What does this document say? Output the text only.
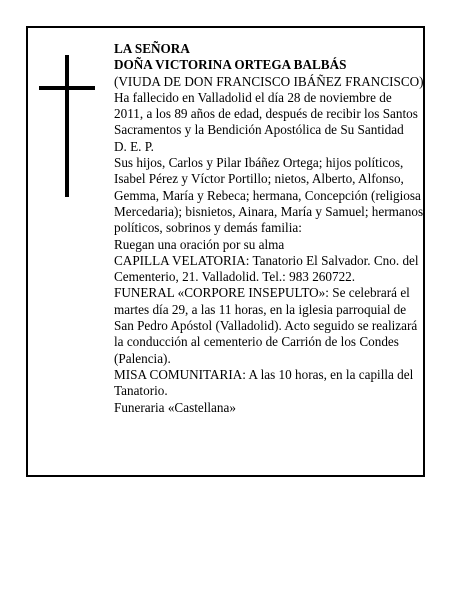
LA SEÑORA
DOÑA VICTORINA ORTEGA BALBÁS
(VIUDA DE DON FRANCISCO IBÁÑEZ FRANCISCO)
Ha fallecido en Valladolid el día 28 de noviembre de 2011, a los 89 años de edad, después de recibir los Santos Sacramentos y la Bendición Apostólica de Su Santidad
D. E. P.
Sus hijos, Carlos y Pilar Ibáñez Ortega; hijos políticos, Isabel Pérez y Víctor Portillo; nietos, Alberto, Alfonso, Gemma, María y Rebeca; hermana, Concepción (religiosa Mercedaria); bisnietos, Ainara, María y Samuel; hermanos políticos, sobrinos y demás familia:
Ruegan una oración por su alma
CAPILLA VELATORIA: Tanatorio El Salvador. Cno. del Cementerio, 21. Valladolid. Tel.: 983 260722.
FUNERAL «CORPORE INSEPULTO»: Se celebrará el martes día 29, a las 11 horas, en la iglesia parroquial de San Pedro Apóstol (Valladolid). Acto seguido se realizará la conducción al cementerio de Carrión de los Condes (Palencia).
MISA COMUNITARIA: A las 10 horas, en la capilla del Tanatorio.
Funeraria «Castellana»
